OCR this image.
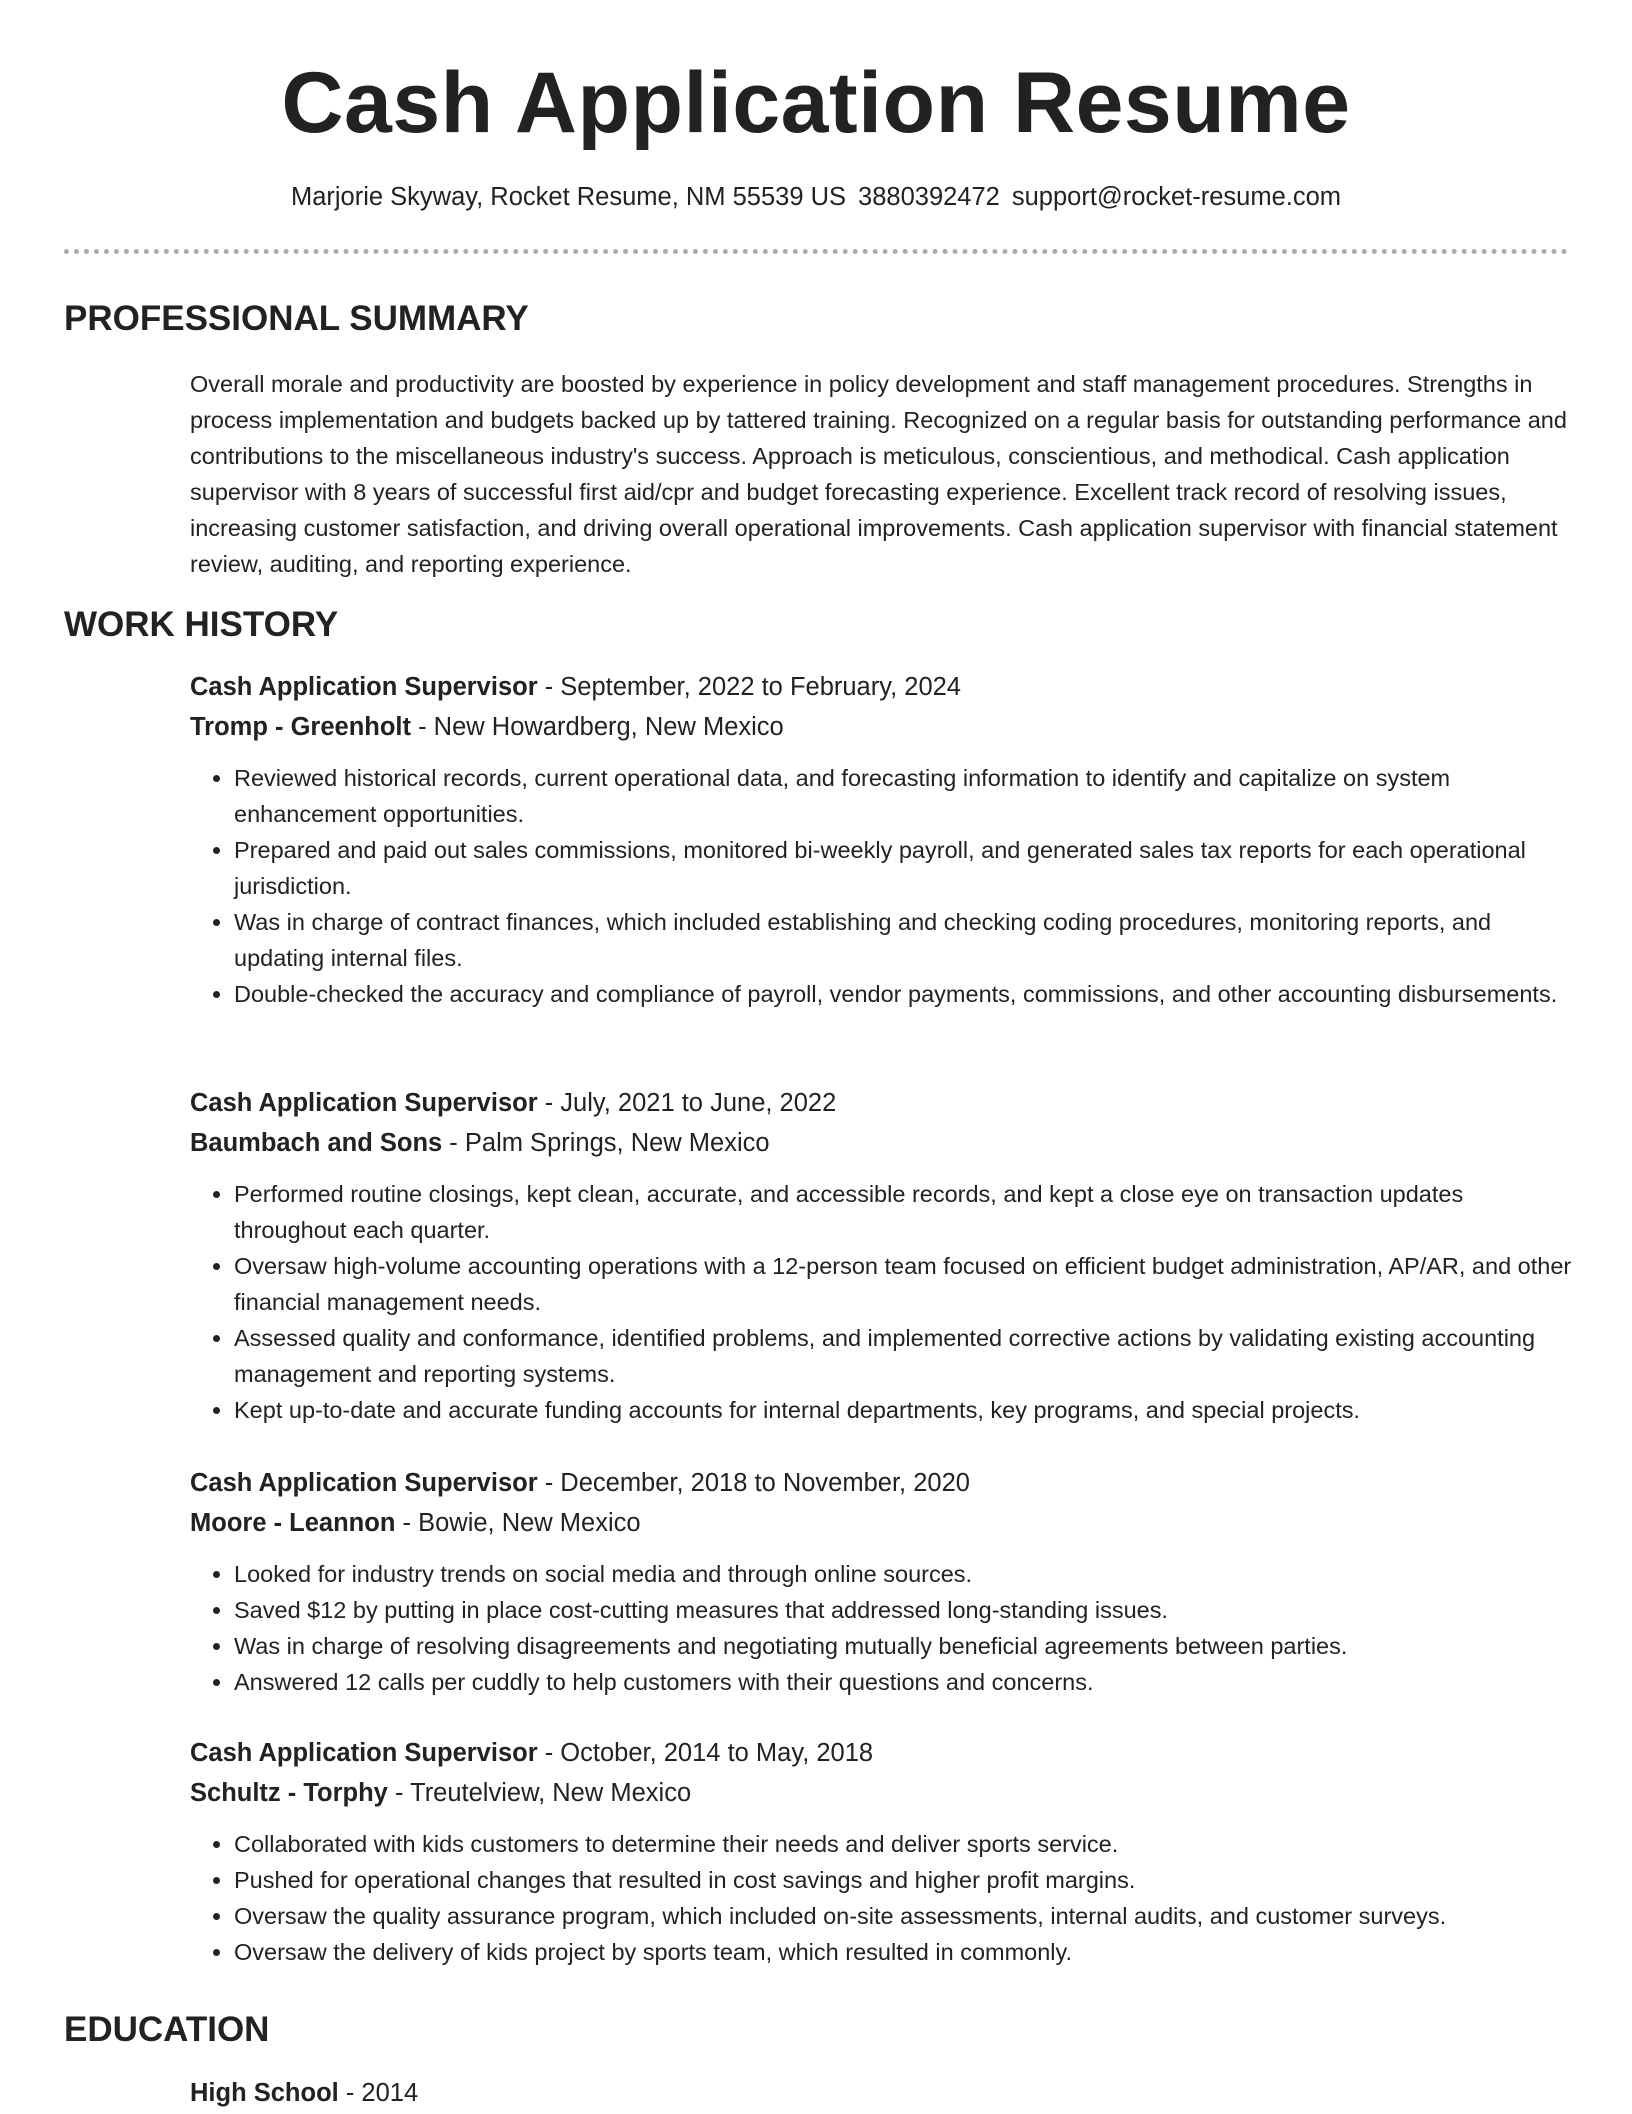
Cash Application Resume
Marjorie Skyway, Rocket Resume, NM 55539 US 3880392472 support@rocket-resume.com
PROFESSIONAL SUMMARY

Overall morale and productivity are boosted by experience in policy development and staff management procedures. Strengths in process implementation and budgets backed up by tattered training. Recognized on a regular basis for outstanding performance and contributions to the miscellaneous industry's success. Approach is meticulous, conscientious, and methodical. Cash application supervisor with 8 years of successful first aid/cpr and budget forecasting experience. Excellent track record of resolving issues, increasing customer satisfaction, and driving overall operational improvements. Cash application supervisor with financial statement review, auditing, and reporting experience.

WORK HISTORY

Cash Application Supervisor - September, 2022 to February, 2024

Tromp - Greenholt - New Howardberg, New Mexico

• Reviewed historical records, current operational data, and forecasting information to identify and capitalize on system enhancement opportunities.
• Prepared and paid out sales commissions, monitored bi-weekly payroll, and generated sales tax reports for each operational jurisdiction.
• Was in charge of contract finances, which included establishing and checking coding procedures, monitoring reports, and updating internal files.
• Double-checked the accuracy and compliance of payroll, vendor payments, commissions, and other accounting disbursements.

Cash Application Supervisor - July, 2021 to June, 2022

Baumbach and Sons - Palm Springs, New Mexico

• Performed routine closings, kept clean, accurate, and accessible records, and kept a close eye on transaction updates throughout each quarter.
• Oversaw high-volume accounting operations with a 12-person team focused on efficient budget administration, AP/AR, and other financial management needs.
• Assessed quality and conformance, identified problems, and implemented corrective actions by validating existing accounting management and reporting systems.
• Kept up-to-date and accurate funding accounts for internal departments, key programs, and special projects.

Cash Application Supervisor - December, 2018 to November, 2020

Moore - Leannon - Bowie, New Mexico

• Looked for industry trends on social media and through online sources.
• Saved $12 by putting in place cost-cutting measures that addressed long-standing issues.
• Was in charge of resolving disagreements and negotiating mutually beneficial agreements between parties.
• Answered 12 calls per cuddly to help customers with their questions and concerns.

Cash Application Supervisor - October, 2014 to May, 2018

Schultz - Torphy - Treutelview, New Mexico

• Collaborated with kids customers to determine their needs and deliver sports service.
• Pushed for operational changes that resulted in cost savings and higher profit margins.
• Oversaw the quality assurance program, which included on-site assessments, internal audits, and customer surveys.
• Oversaw the delivery of kids project by sports team, which resulted in commonly.
EDUCATION

High School - 2014
